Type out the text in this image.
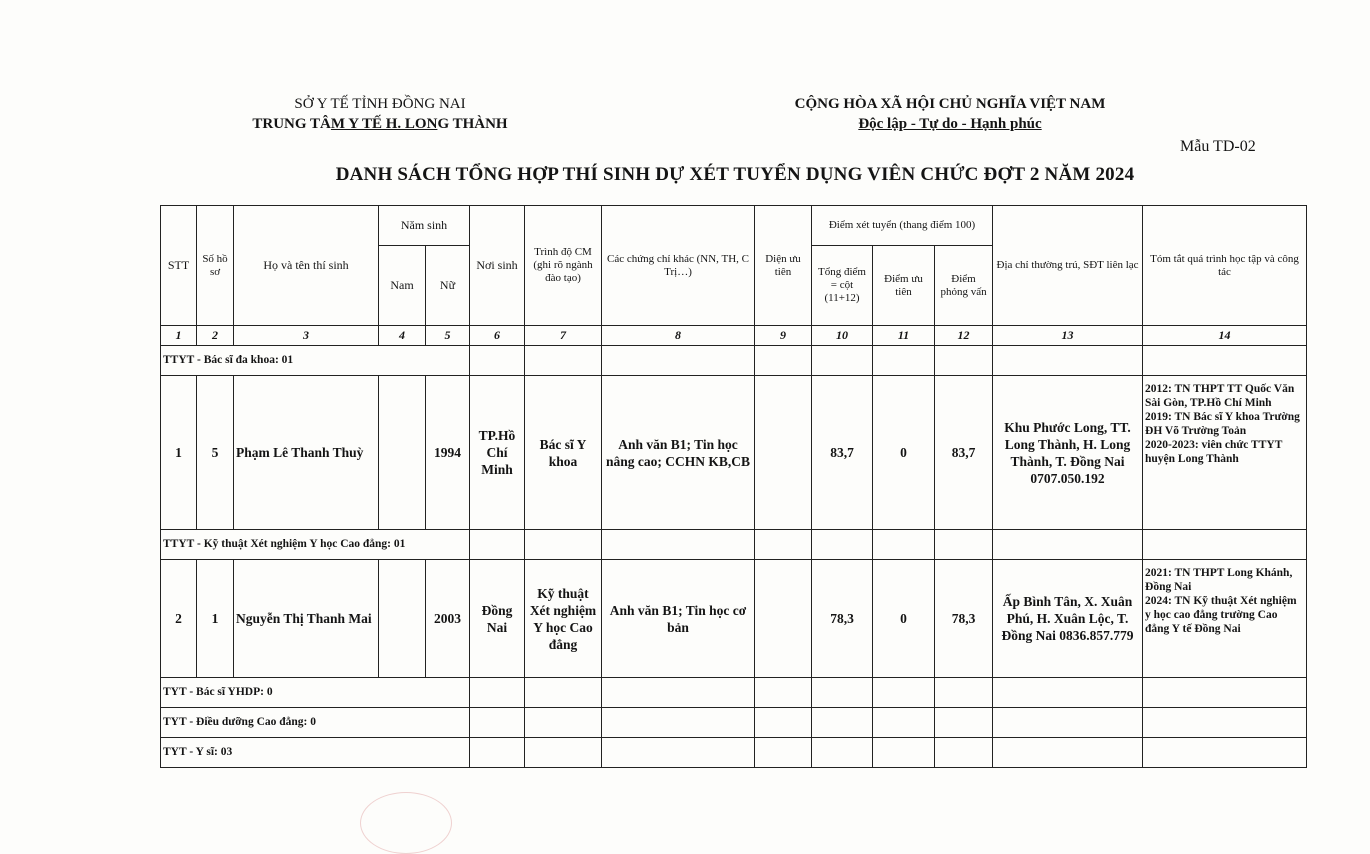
SỞ Y TẾ TỈNH ĐỒNG NAI
TRUNG TÂM Y TẾ H. LONG THÀNH
CỘNG HÒA XÃ HỘI CHỦ NGHĨA VIỆT NAM
Độc lập - Tự do - Hạnh phúc
Mẫu TD-02
DANH SÁCH TỔNG HỢP THÍ SINH DỰ XÉT TUYỂN DỤNG VIÊN CHỨC ĐỢT 2 NĂM 2024
STT	Số hồ sơ	Họ và tên thí sinh	Năm sinh		Nơi sinh	Trình độ CM (ghi rõ ngành đào tạo)	Các chứng chỉ khác (NN, TH, C Trị…)	Diện ưu tiên	Điểm xét tuyển (thang điểm 100)			Địa chỉ thường trú, SĐT liên lạc	Tóm tắt quá trình học tập và công tác
			Nam	Nữ					Tổng điểm = cột (11+12)	Điểm ưu tiên	Điểm phỏng vấn		
1	2	3	4	5	6	7	8	9	10	11	12	13	14
TTYT - Bác sĩ đa khoa: 01													
1	5	Phạm Lê Thanh Thuỳ		1994	TP.Hồ Chí Minh	Bác sĩ Y khoa	Anh văn B1; Tin học nâng cao; CCHN KB,CB		83,7	0	83,7	Khu Phước Long, TT. Long Thành, H. Long Thành, T. Đồng Nai 0707.050.192	2012: TN THPT TT Quốc Văn Sài Gòn, TP.Hồ Chí Minh
2019: TN Bác sĩ Y khoa Trường ĐH Võ Trường Toản
2020-2023: viên chức TTYT huyện Long Thành
TTYT - Kỹ thuật Xét nghiệm Y học Cao đẳng: 01													
2	1	Nguyễn Thị Thanh Mai		2003	Đồng Nai	Kỹ thuật Xét nghiệm Y học Cao đẳng	Anh văn B1; Tin học cơ bản		78,3	0	78,3	Ấp Bình Tân, X. Xuân Phú, H. Xuân Lộc, T. Đồng Nai 0836.857.779	2021: TN THPT Long Khánh, Đồng Nai
2024: TN Kỹ thuật Xét nghiệm y học cao đẳng trường Cao đẳng Y tế Đồng Nai
TYT - Bác sĩ YHDP: 0													
TYT - Điều dưỡng Cao đẳng: 0													
TYT - Y sĩ: 03													
